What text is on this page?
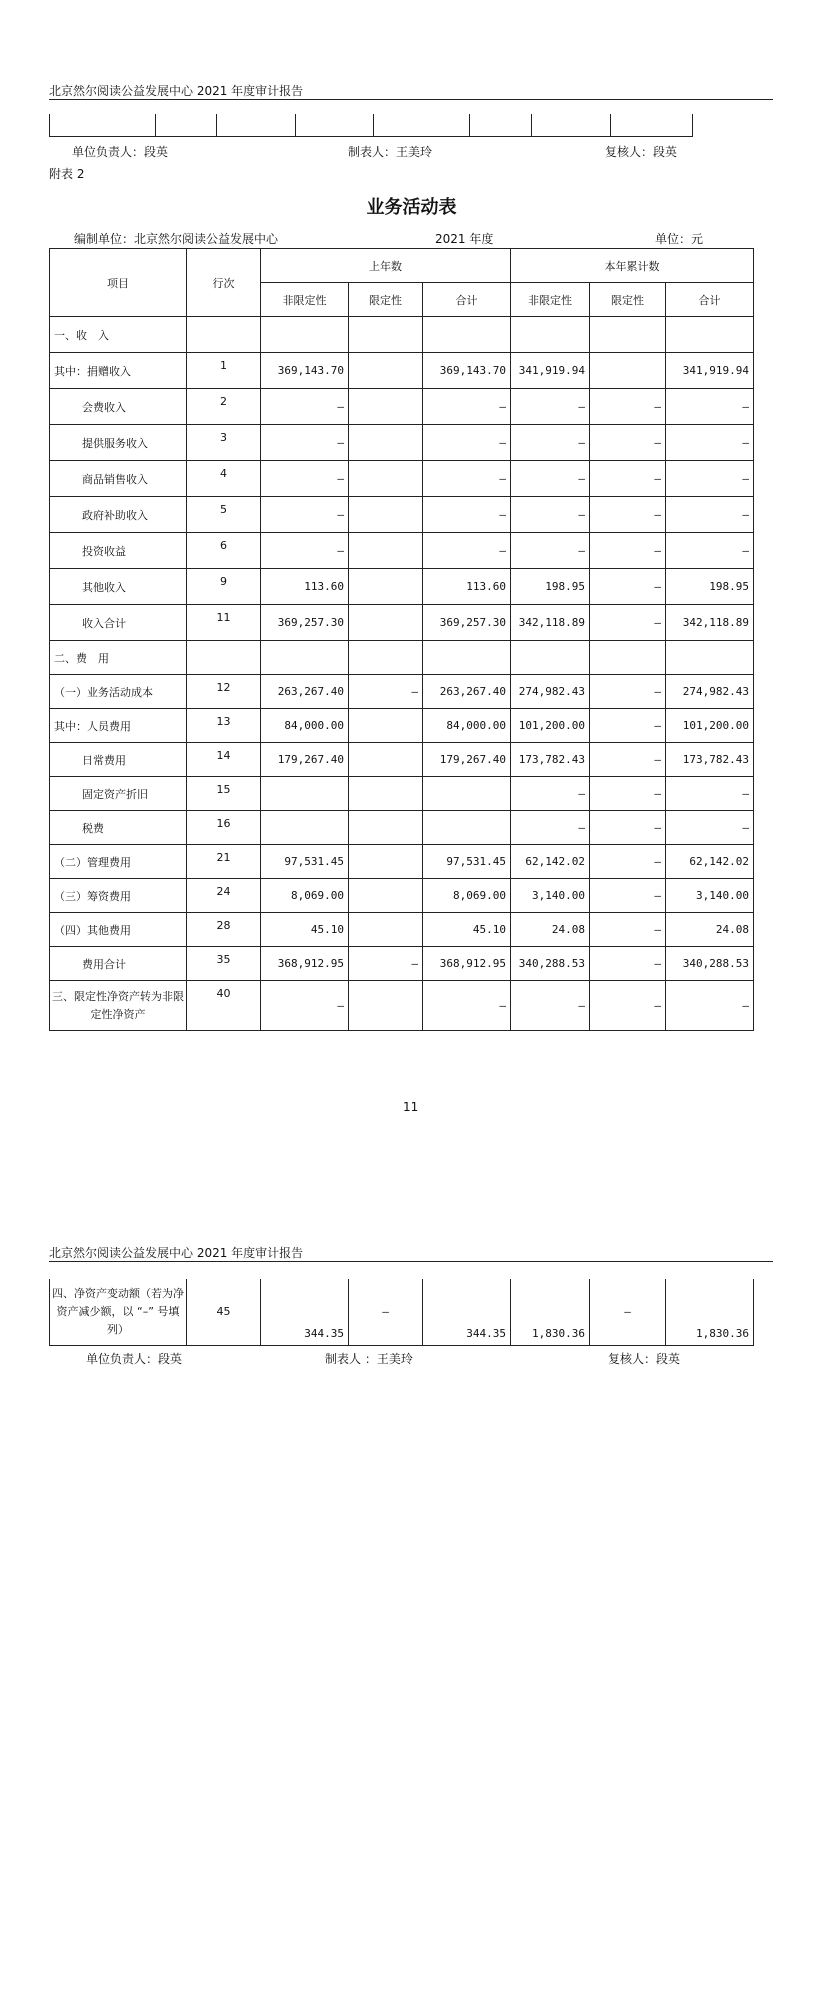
北京然尔阅读公益发展中心 2021 年度审计报告
单位负责人：段英	制表人：王美玲	复核人：段英
附表 2
业务活动表
编制单位：北京然尔阅读公益发展中心	2021 年度	单位：元
项目	行次	上年数			本年累计数		
		非限定性	限定性	合计	非限定性	限定性	合计
一、收　入							
其中：捐赠收入	1	369,143.70		369,143.70	341,919.94		341,919.94
会费收入	2	–		–	–	–	–
提供服务收入	3	–		–	–	–	–
商品销售收入	4	–		–	–	–	–
政府补助收入	5	–		–	–	–	–
投资收益	6	–		–	–	–	–
其他收入	9	113.60		113.60	198.95	–	198.95
收入合计	11	369,257.30		369,257.30	342,118.89	–	342,118.89
二、费　用							
（一）业务活动成本	12	263,267.40	–	263,267.40	274,982.43	–	274,982.43
其中：人员费用	13	84,000.00		84,000.00	101,200.00	–	101,200.00
日常费用	14	179,267.40		179,267.40	173,782.43	–	173,782.43
固定资产折旧	15				–	–	–
税费	16				–	–	–
（二）管理费用	21	97,531.45		97,531.45	62,142.02	–	62,142.02
（三）筹资费用	24	8,069.00		8,069.00	3,140.00	–	3,140.00
（四）其他费用	28	45.10		45.10	24.08	–	24.08
费用合计	35	368,912.95	–	368,912.95	340,288.53	–	340,288.53
三、限定性净资产转为非限定性净资产	40	–		–	–	–	–
11
北京然尔阅读公益发展中心 2021 年度审计报告
四、净资产变动额（若为净资产减少额，以 “–” 号填列）
	45	344.35	–	344.35	1,830.36	–	1,830.36
单位负责人：段英	制表人 ：王美玲	复核人：段英
